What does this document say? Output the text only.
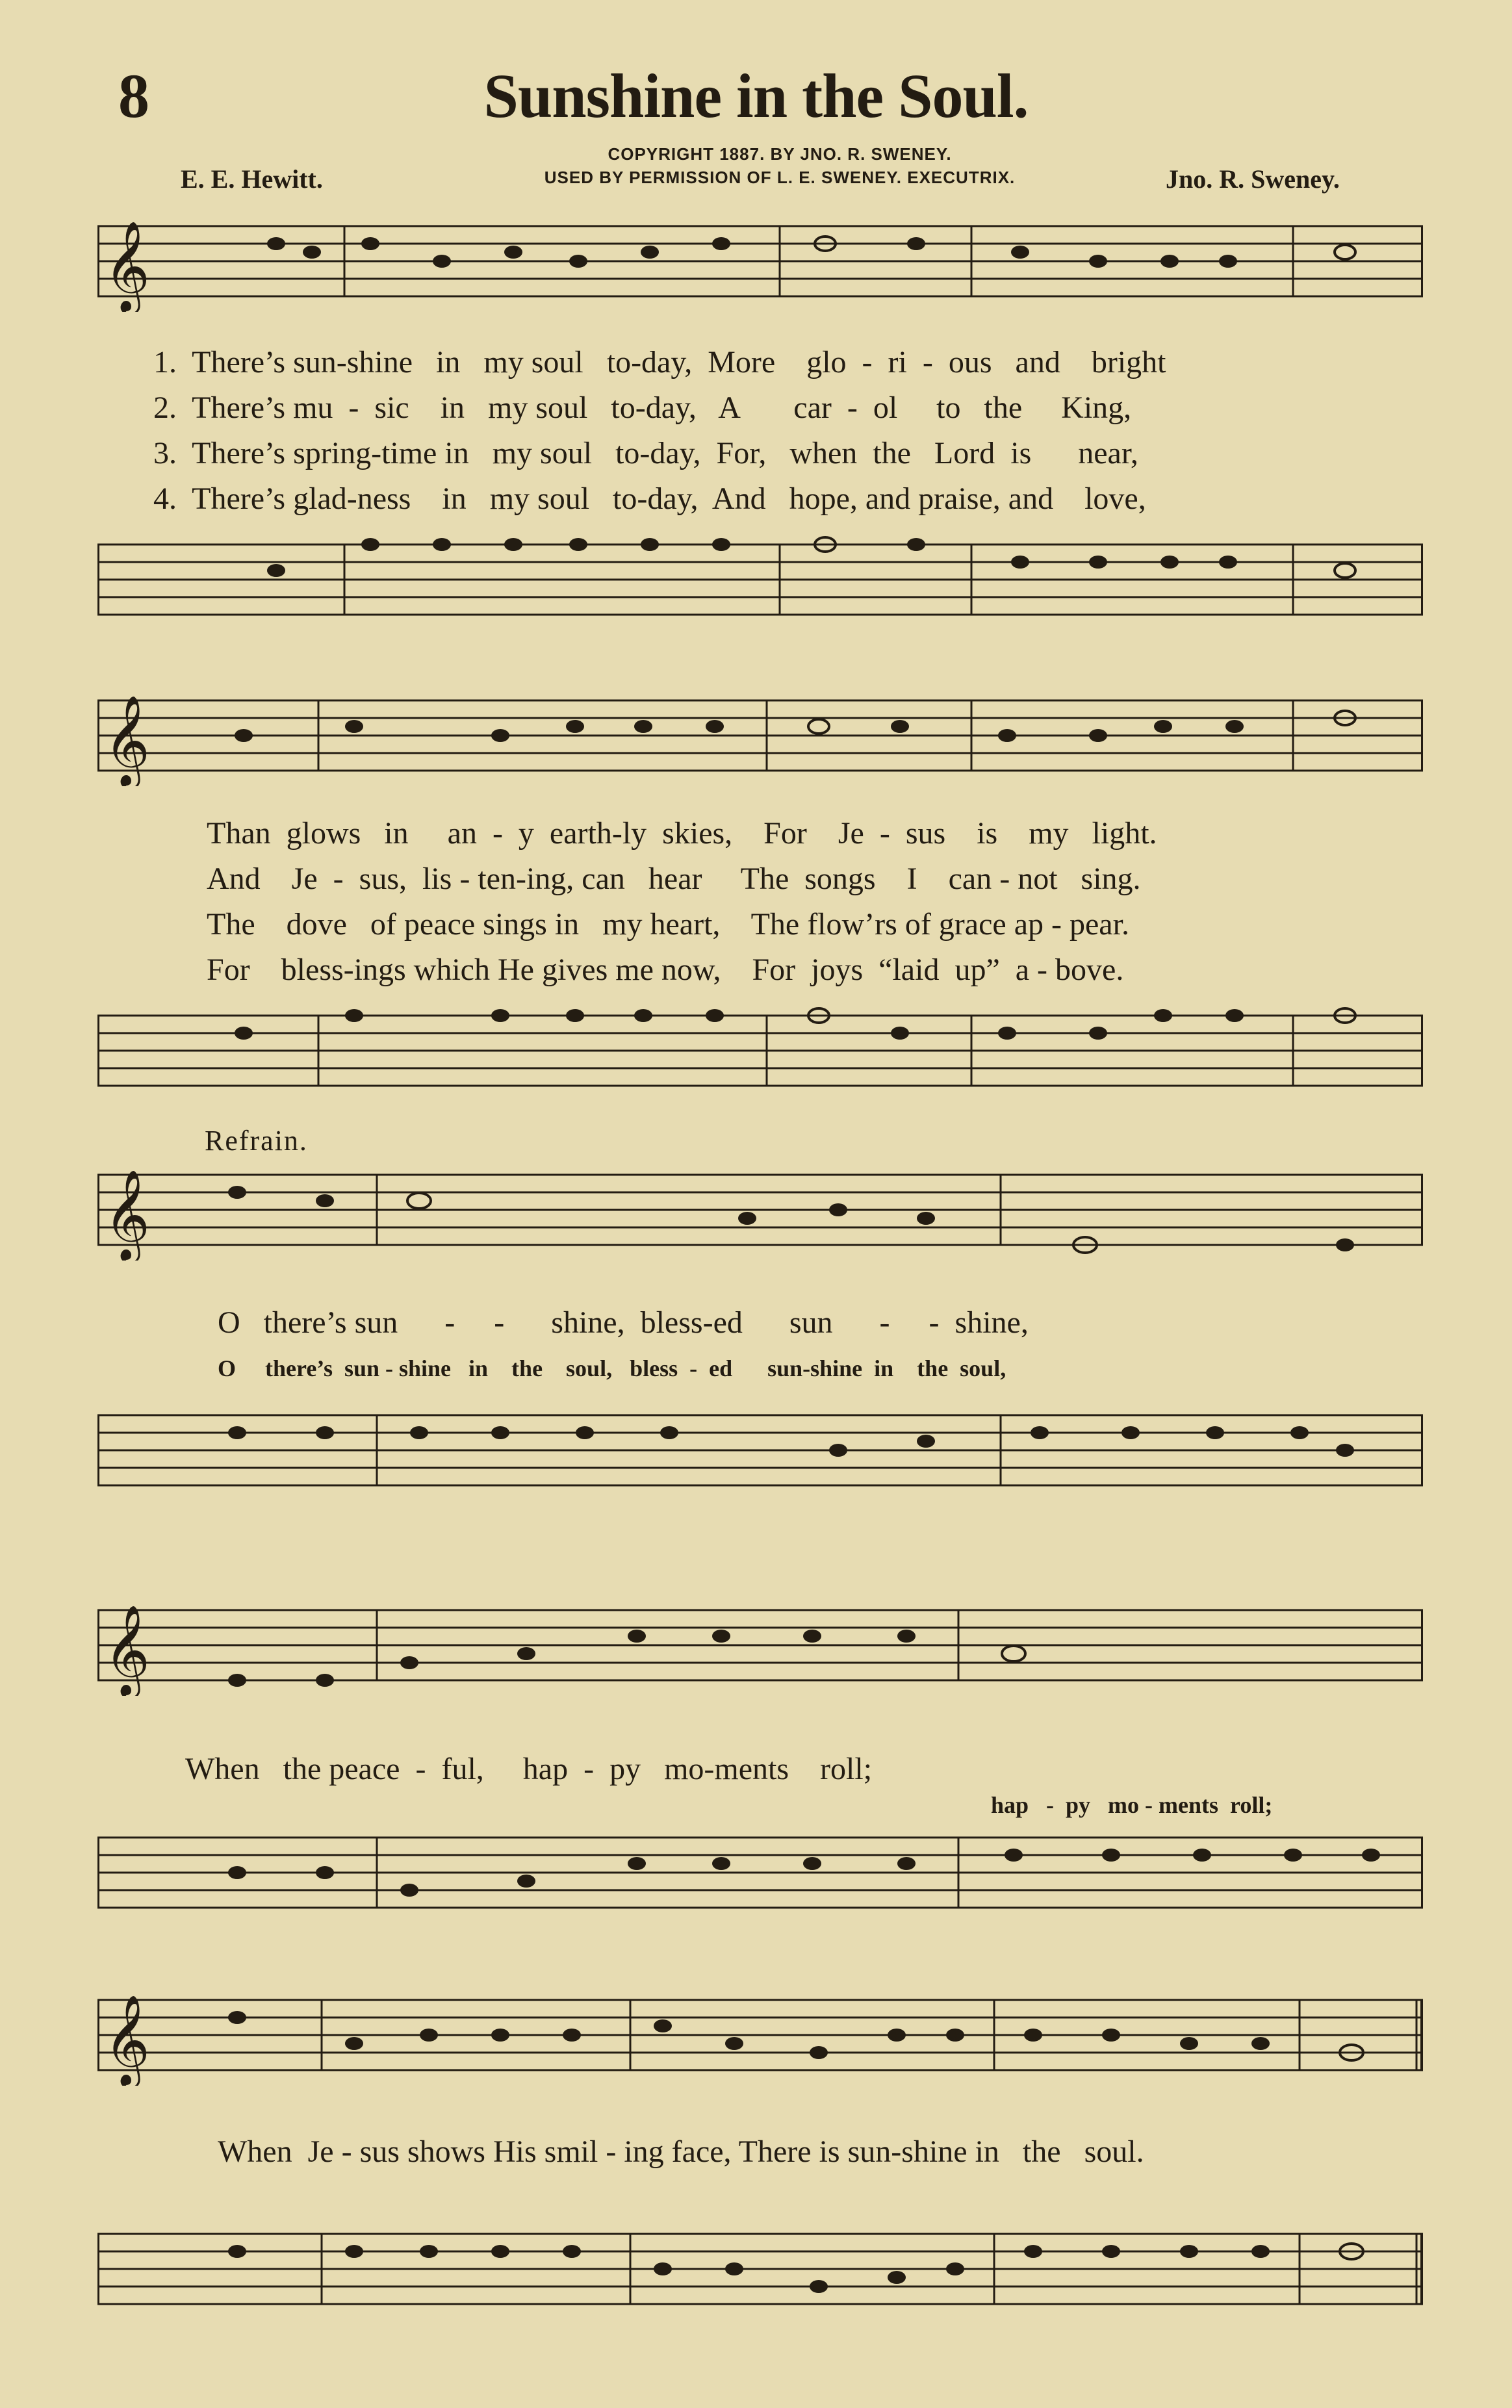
8	Sunshine in the Soul.
COPYRIGHT 1887. BY JNO. R. SWENEY.
USED BY PERMISSION OF L. E. SWENEY. EXECUTRIX.
E. E. Hewitt.	Jno. R. Sweney.
𝄞
1.  There’s sun-shine   in   my soul   to-day,  More    glo  -  ri  -  ous   and    bright
2.  There’s mu  -  sic    in   my soul   to-day,   A       car  -  ol     to   the     King,
3.  There’s spring-time in   my soul   to-day,  For,   when  the   Lord  is      near,
4.  There’s glad-ness    in   my soul   to-day,  And   hope, and praise, and    love,
𝄞
Than  glows   in     an  -  y  earth-ly  skies,    For    Je  -  sus    is    my   light.
And    Je  -  sus,  lis - ten-ing, can   hear     The  songs    I    can - not   sing.
The    dove   of peace sings in   my heart,    The flow’rs of grace ap - pear.
For    bless-ings which He gives me now,    For  joys  “laid  up”  a - bove.
Refrain.
𝄞
O   there’s sun      -     -      shine,  bless-ed      sun      -     -  shine,
O     there’s  sun - shine   in    the    soul,   bless  -  ed      sun-shine  in    the  soul,
𝄞
When   the peace  -  ful,     hap  -  py   mo-ments    roll;
hap   -  py   mo - ments  roll;
𝄞
When  Je - sus shows His smil - ing face, There is sun-shine in   the   soul.
